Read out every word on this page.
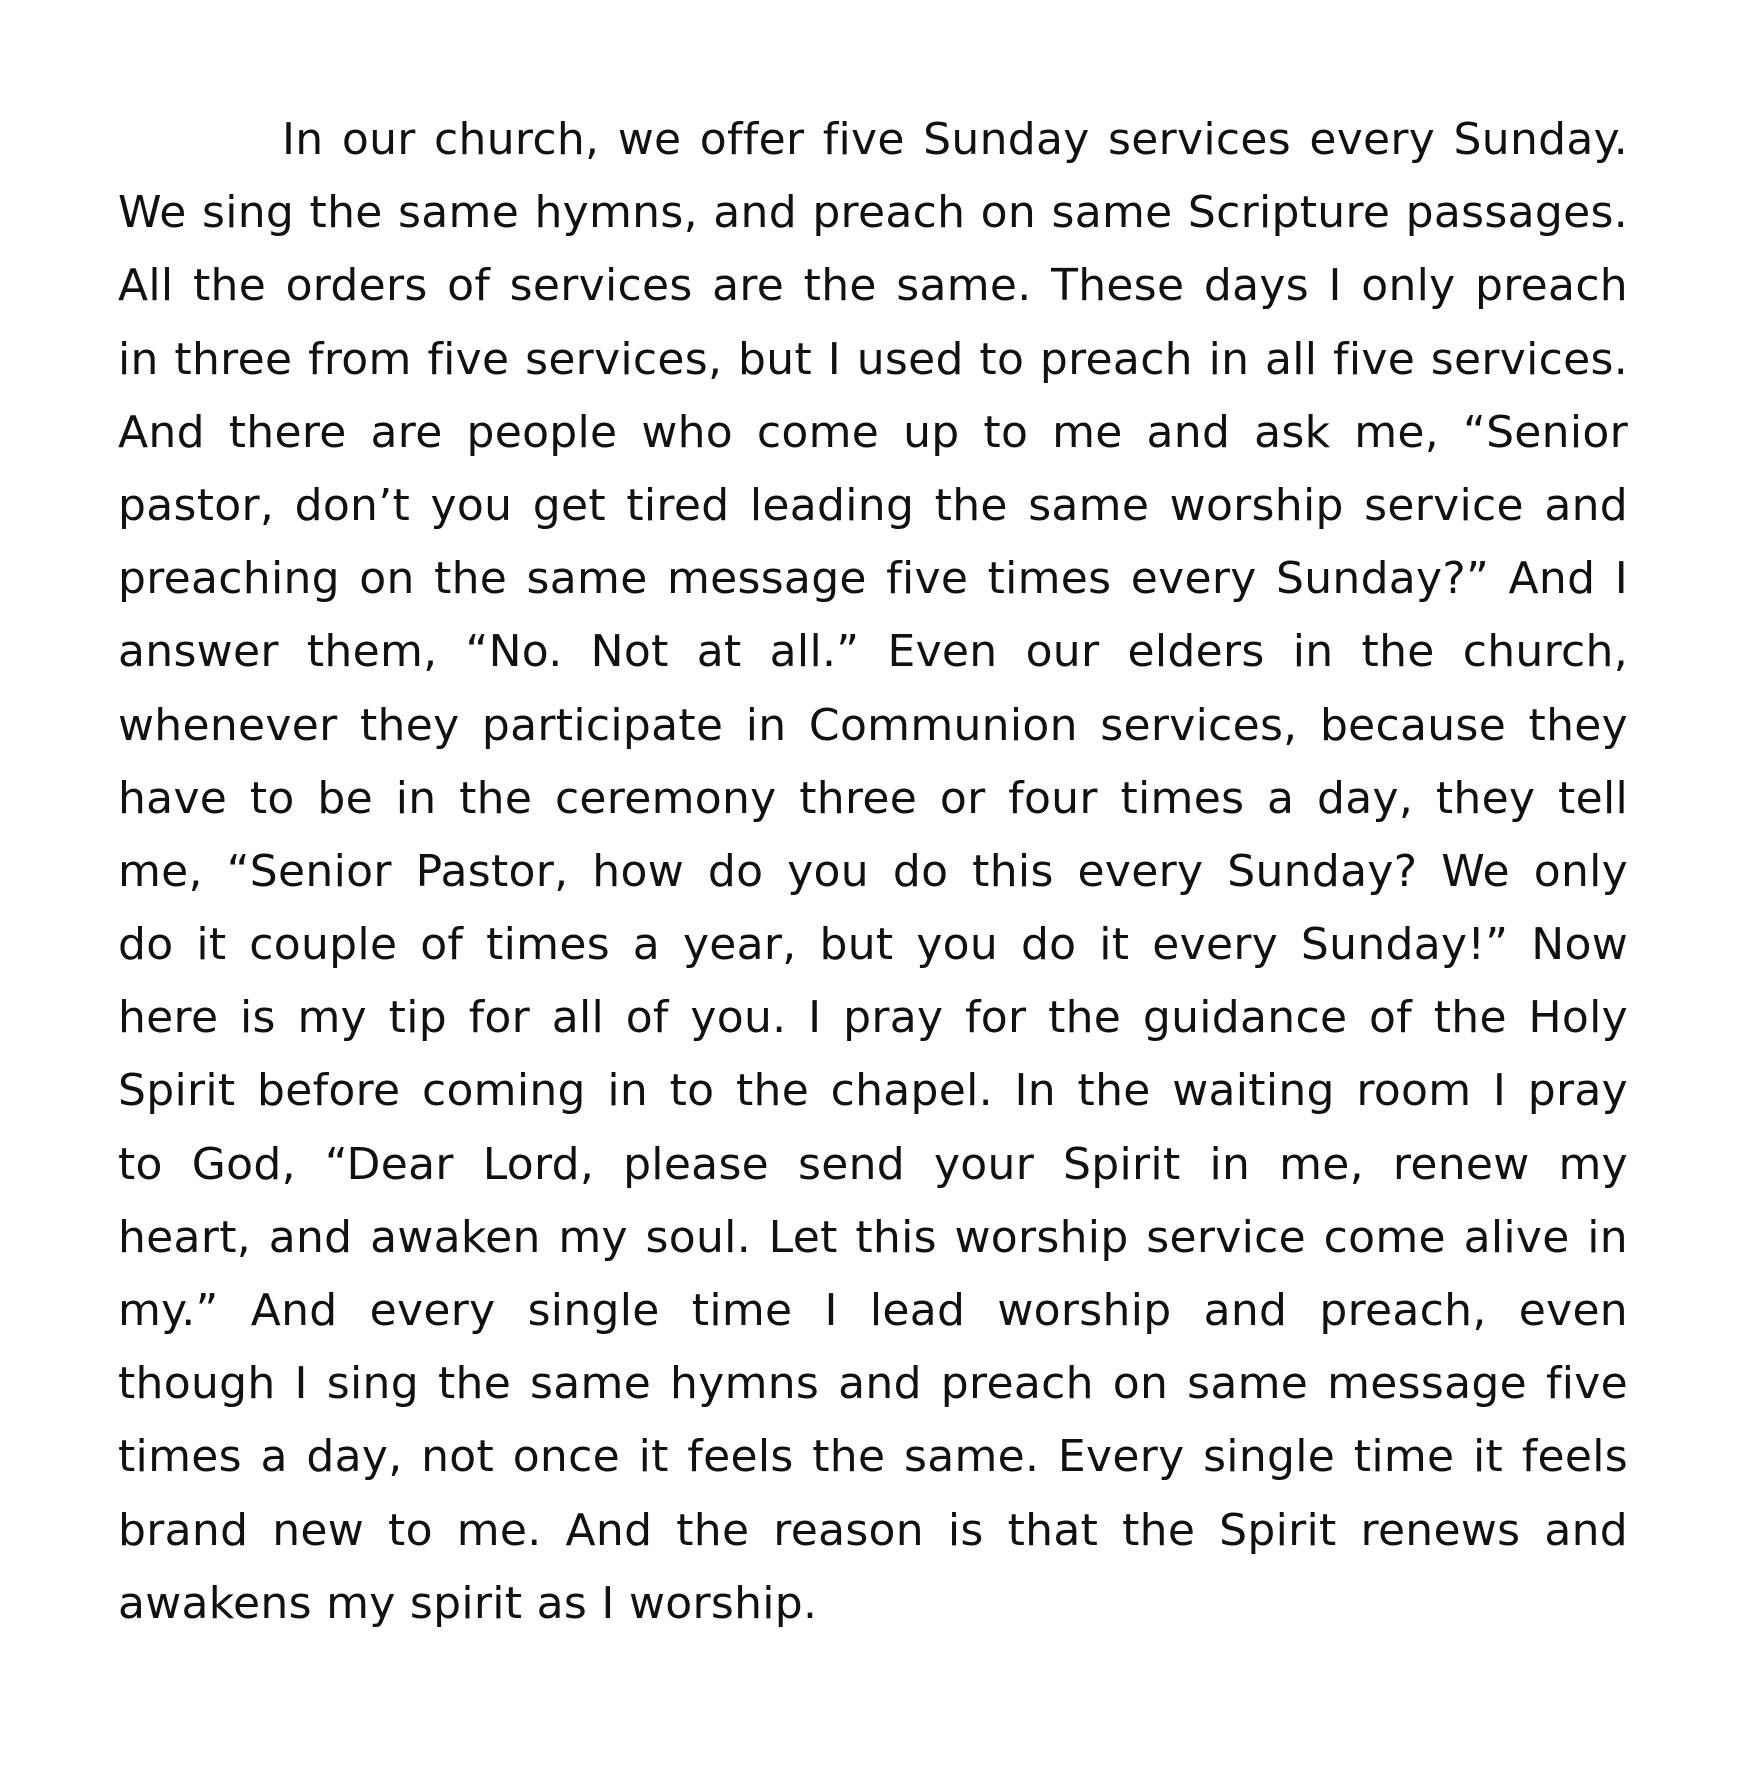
In our church, we offer five Sunday services every Sunday.
We sing the same hymns, and preach on same Scripture passages.
All the orders of services are the same. These days I only preach
in three from five services, but I used to preach in all five services.
And there are people who come up to me and ask me, “Senior
pastor, don’t you get tired leading the same worship service and
preaching on the same message five times every Sunday?” And I
answer them, “No. Not at all.” Even our elders in the church,
whenever they participate in Communion services, because they
have to be in the ceremony three or four times a day, they tell
me, “Senior Pastor, how do you do this every Sunday? We only
do it couple of times a year, but you do it every Sunday!” Now
here is my tip for all of you. I pray for the guidance of the Holy
Spirit before coming in to the chapel. In the waiting room I pray
to God, “Dear Lord, please send your Spirit in me, renew my
heart, and awaken my soul. Let this worship service come alive in
my.” And every single time I lead worship and preach, even
though I sing the same hymns and preach on same message five
times a day, not once it feels the same. Every single time it feels
brand new to me. And the reason is that the Spirit renews and
awakens my spirit as I worship.
